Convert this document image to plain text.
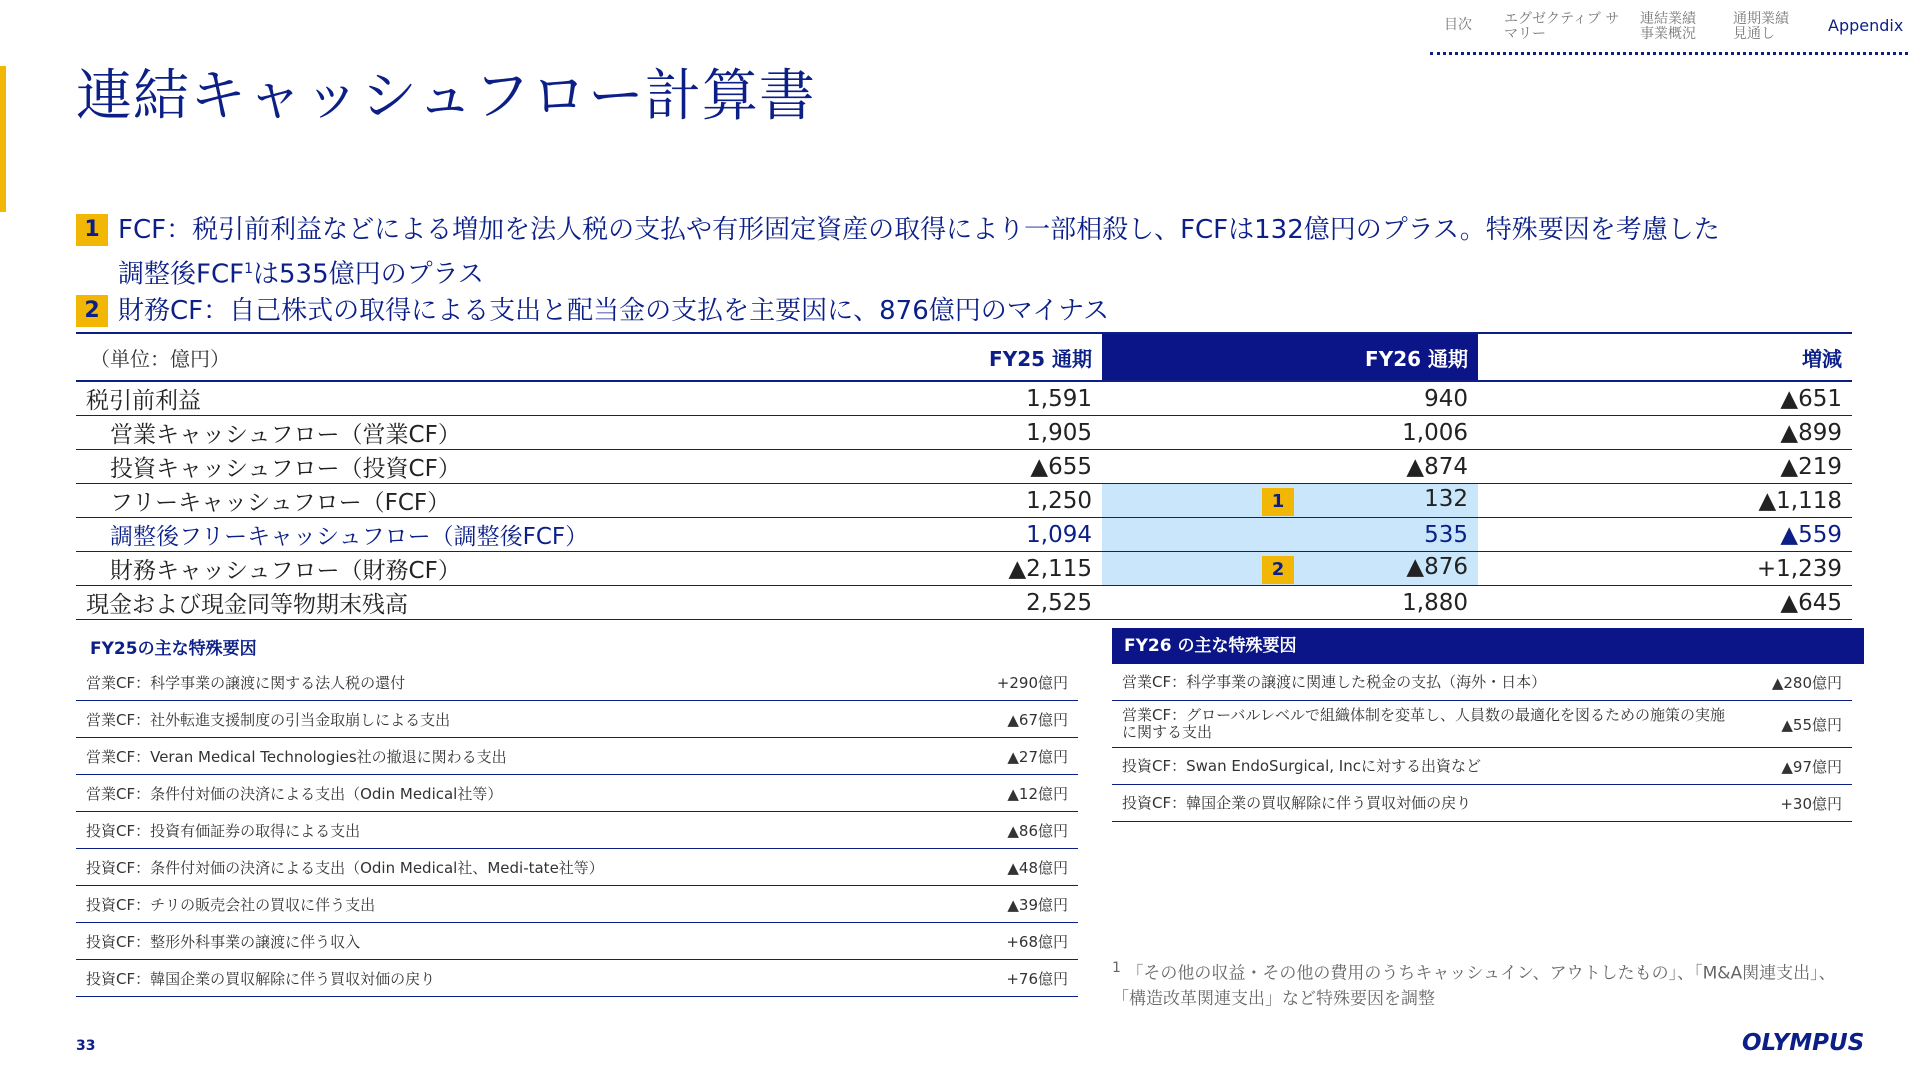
目次 エグゼクティブ サマリー
連結業績 事業概況
通期業績 見通し	Appendix
連結キャッシュフロー計算書
1 FCF：税引前利益などによる増加を法人税の支払や有形固定資産の取得により一部相殺し、FCFは132億円のプラス。特殊要因を考慮した
調整後FCF$^1$は535億円のプラス
2 財務CF：自己株式の取得による支出と配当金の支払を主要因に、876億円のマイナス
（単位：億円）	FY25 通期	FY26 通期	増減
税引前利益	1,591	940	▲651
営業キャッシュフロー（営業CF）	1,905	1,006	▲899
投資キャッシュフロー（投資CF）	▲655	▲874	▲219
フリーキャッシュフロー（FCF）	1,250	1 132	▲1,118
調整後フリーキャッシュフロー（調整後FCF）	1,094	535	▲559
財務キャッシュフロー（財務CF）	▲2,115	2 ▲876	+1,239
現金および現金同等物期末残高	2,525	1,880	▲645
FY25の主な特殊要因
営業CF：科学事業の譲渡に関する法人税の還付	+290億円
営業CF：社外転進支援制度の引当金取崩しによる支出	▲67億円
営業CF：Veran Medical Technologies社の撤退に関わる支出	▲27億円
営業CF：条件付対価の決済による支出（Odin Medical社等）	▲12億円
投資CF：投資有価証券の取得による支出	▲86億円
投資CF：条件付対価の決済による支出（Odin Medical社、Medi-tate社等）	▲48億円
投資CF：チリの販売会社の買収に伴う支出	▲39億円
投資CF：整形外科事業の譲渡に伴う収入	+68億円
投資CF：韓国企業の買収解除に伴う買収対価の戻り	+76億円
FY26 の主な特殊要因
営業CF：科学事業の譲渡に関連した税金の支払（海外・日本）	▲280億円
営業CF：グローバルレベルで組織体制を変革し、人員数の最適化を図るための施策の実施に関する支出	▲55億円
投資CF：Swan EndoSurgical, Incに対する出資など	▲97億円
投資CF：韓国企業の買収解除に伴う買収対価の戻り	+30億円
$^1$ 「その他の収益・その他の費用のうちキャッシュイン、アウトしたもの」、「M&A関連支出」、「構造改革関連支出」など特殊要因を調整
33	OLYMPUS
